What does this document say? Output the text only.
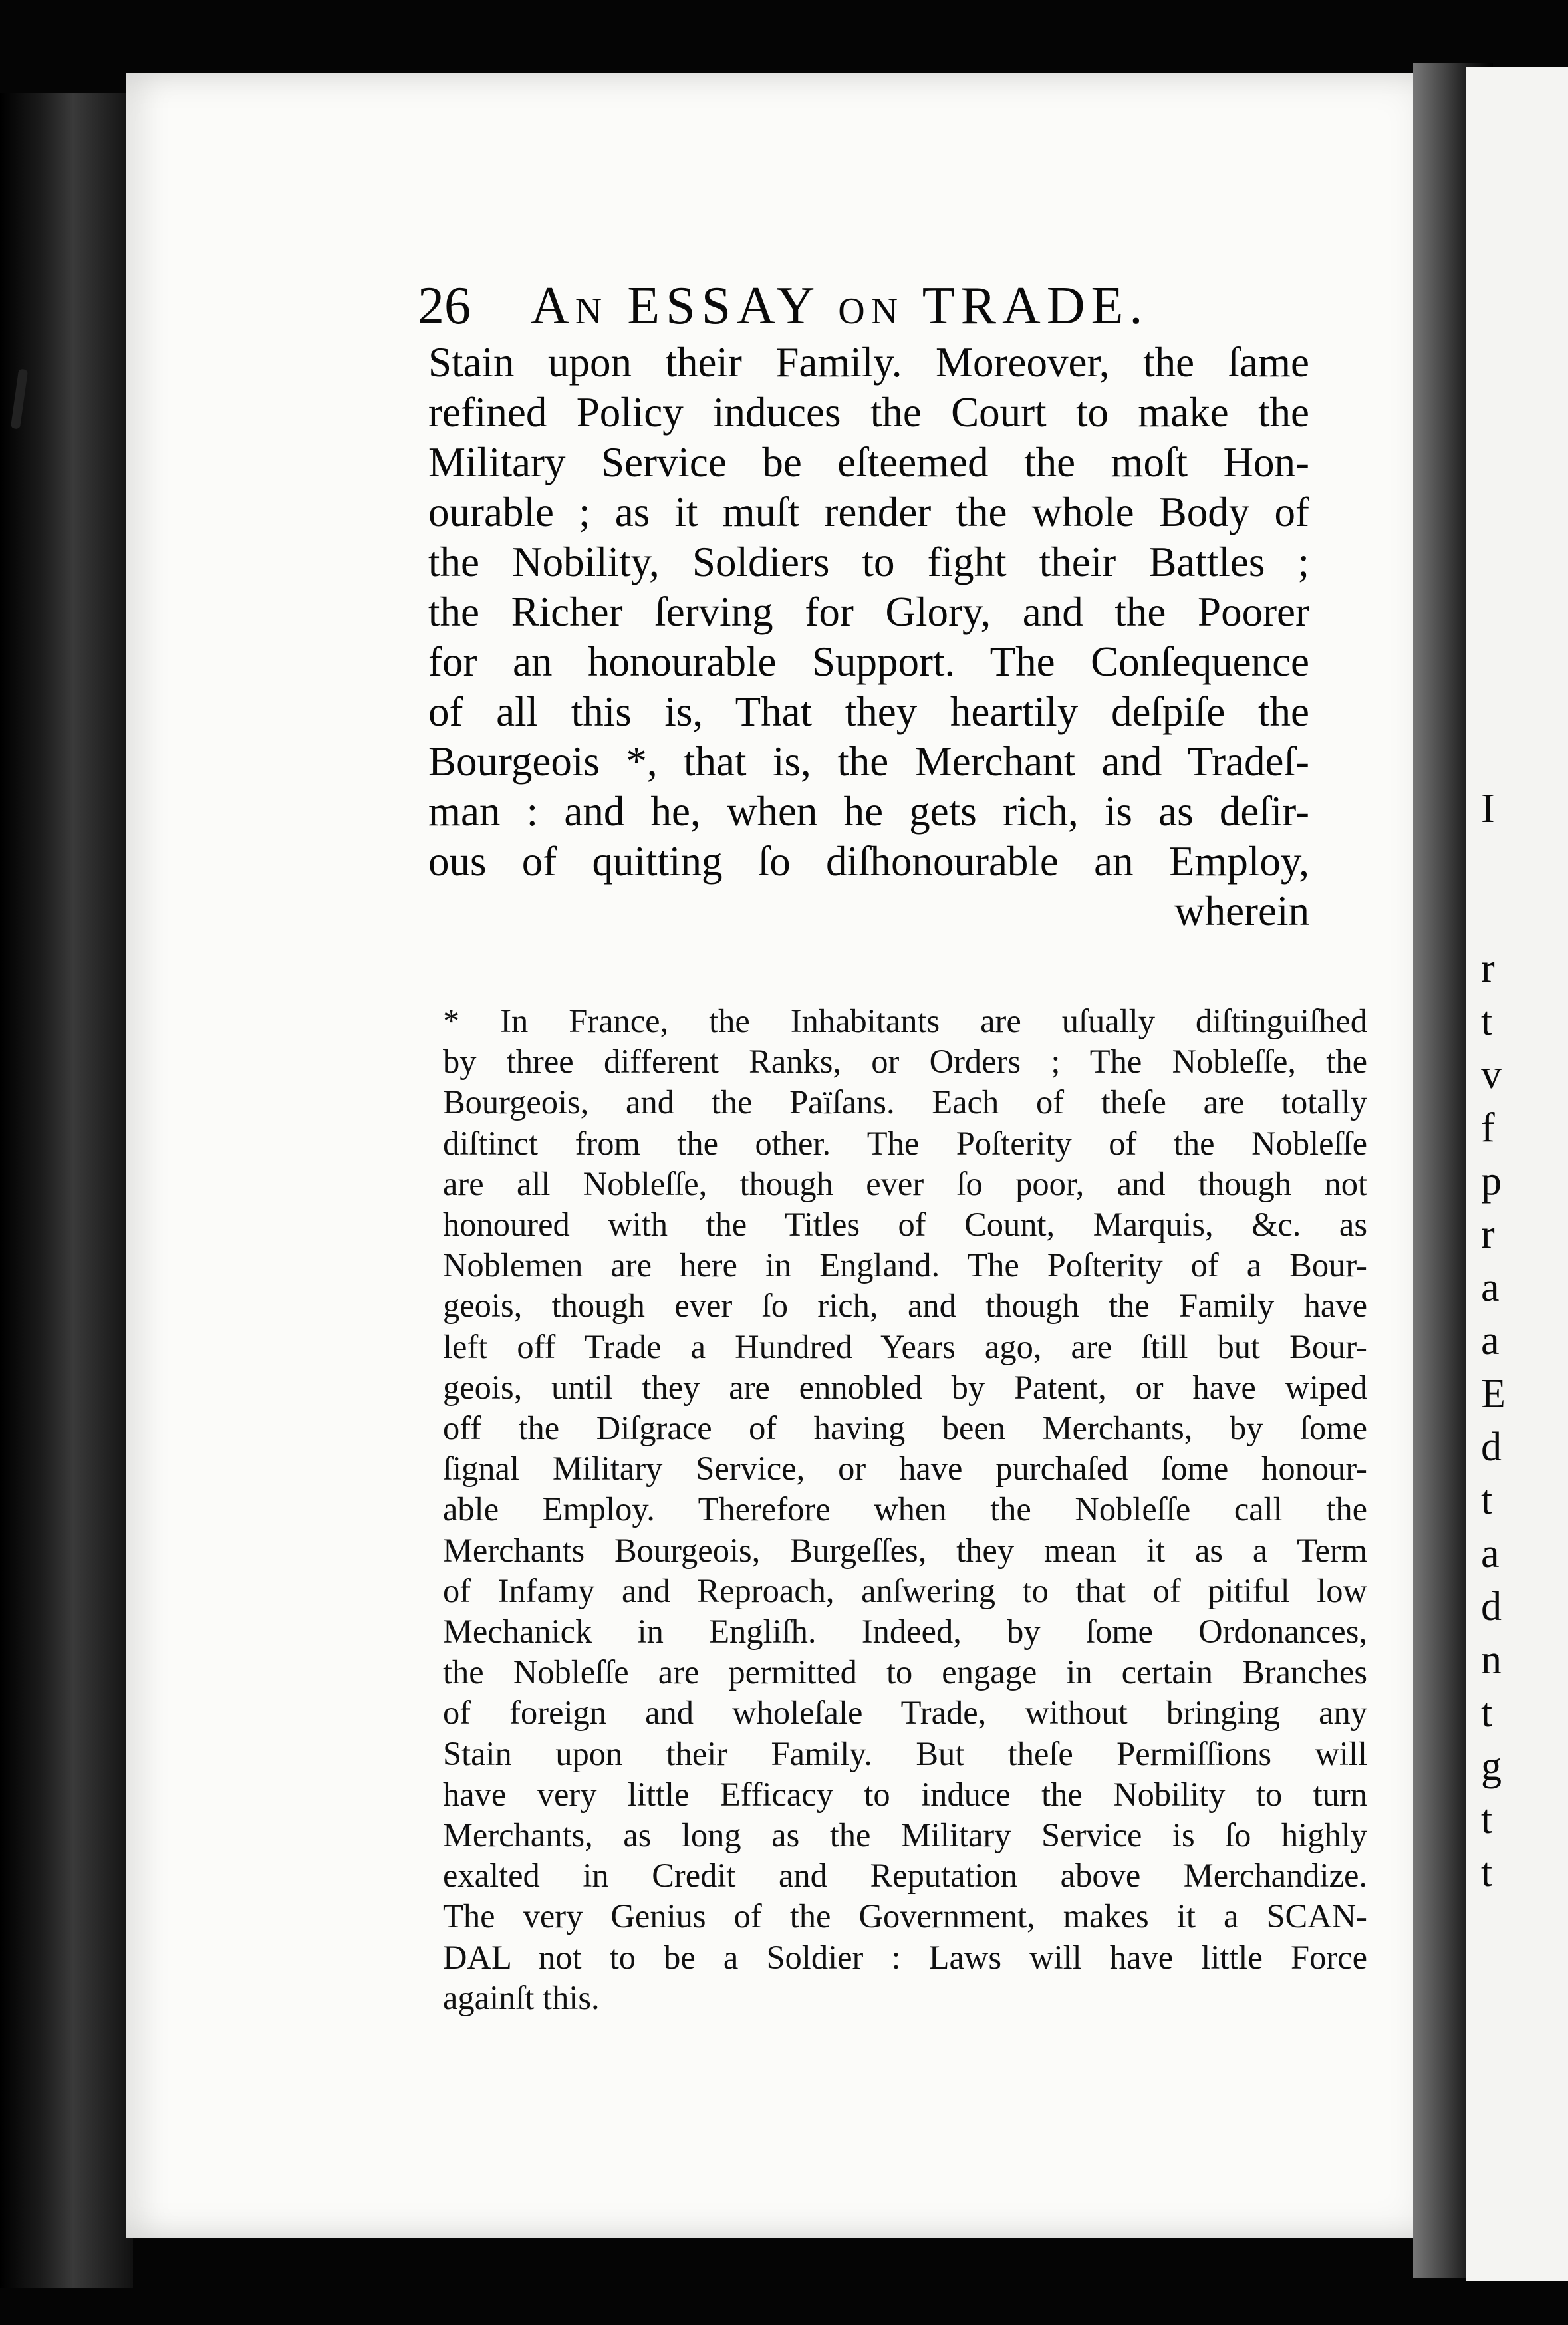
I
r
t
v
f
p
r
a
a
E
d
t
a
d
n
t
g
t
t
26 An ESSAY on TRADE.
Stain upon their Family. Moreover, the ſame
refined Policy induces the Court to make the
Military Service be eſteemed the moſt Hon-
ourable ; as it muſt render the whole Body of
the Nobility, Soldiers to fight their Battles ;
the Richer ſerving for Glory, and the Poorer
for an honourable Support. The Conſequence
of all this is, That they heartily deſpiſe the
Bourgeois *, that is, the Merchant and Tradeſ-
man : and he, when he gets rich, is as deſir-
ous of quitting ſo diſhonourable an Employ,
wherein
* In France, the Inhabitants are uſually diſtinguiſhed
by three different Ranks, or Orders ; The Nobleſſe, the
Bourgeois, and the Païſans. Each of theſe are totally
diſtinct from the other. The Poſterity of the Nobleſſe
are all Nobleſſe, though ever ſo poor, and though not
honoured with the Titles of Count, Marquis, &c. as
Noblemen are here in England. The Poſterity of a Bour-
geois, though ever ſo rich, and though the Family have
left off Trade a Hundred Years ago, are ſtill but Bour-
geois, until they are ennobled by Patent, or have wiped
off the Diſgrace of having been Merchants, by ſome
ſignal Military Service, or have purchaſed ſome honour-
able Employ. Therefore when the Nobleſſe call the
Merchants Bourgeois, Burgeſſes, they mean it as a Term
of Infamy and Reproach, anſwering to that of pitiful low
Mechanick in Engliſh. Indeed, by ſome Ordonances,
the Nobleſſe are permitted to engage in certain Branches
of foreign and wholeſale Trade, without bringing any
Stain upon their Family. But theſe Permiſſions will
have very little Efficacy to induce the Nobility to turn
Merchants, as long as the Military Service is ſo highly
exalted in Credit and Reputation above Merchandize.
The very Genius of the Government, makes it a SCAN-
DAL not to be a Soldier : Laws will have little Force
againſt this.
